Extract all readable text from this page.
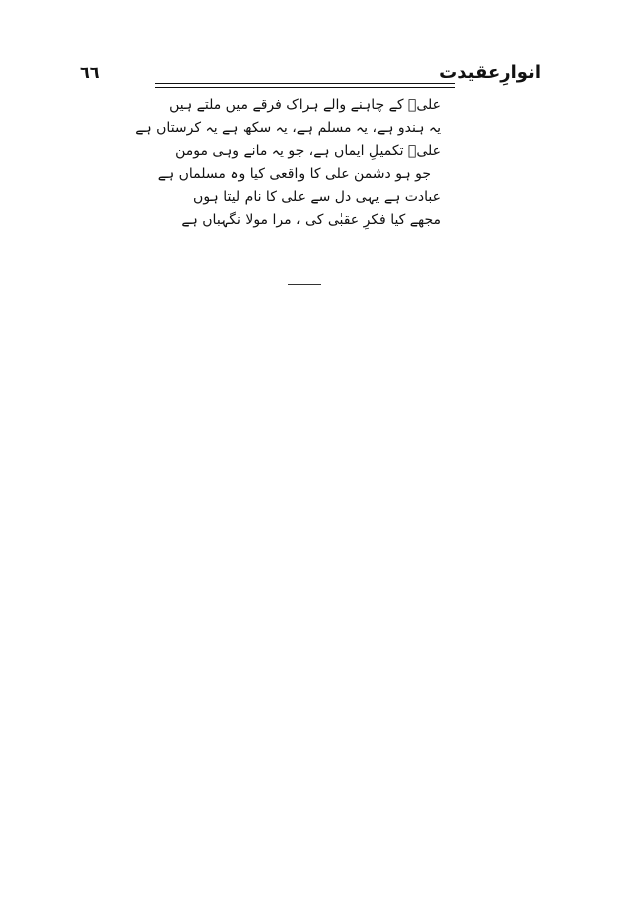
٦٦	انوارِعقیدت
علیؑ کے چاہنے والے ہراک فرقے میں ملتے ہیں
یہ ہندو ہے، یہ مسلم ہے، یہ سکھ ہے یہ کرستاں ہے
علیؑ تکمیلِ ایماں ہے، جو یہ مانے وہی مومن
جو ہو دشمن علی کا واقعی کیا وہ مسلماں ہے
عبادت ہے یہی دل سے علی کا نام لیتا ہوں
مجھے کیا فکرِ عقبٰی کی ، مرا مولا نگہباں ہے
